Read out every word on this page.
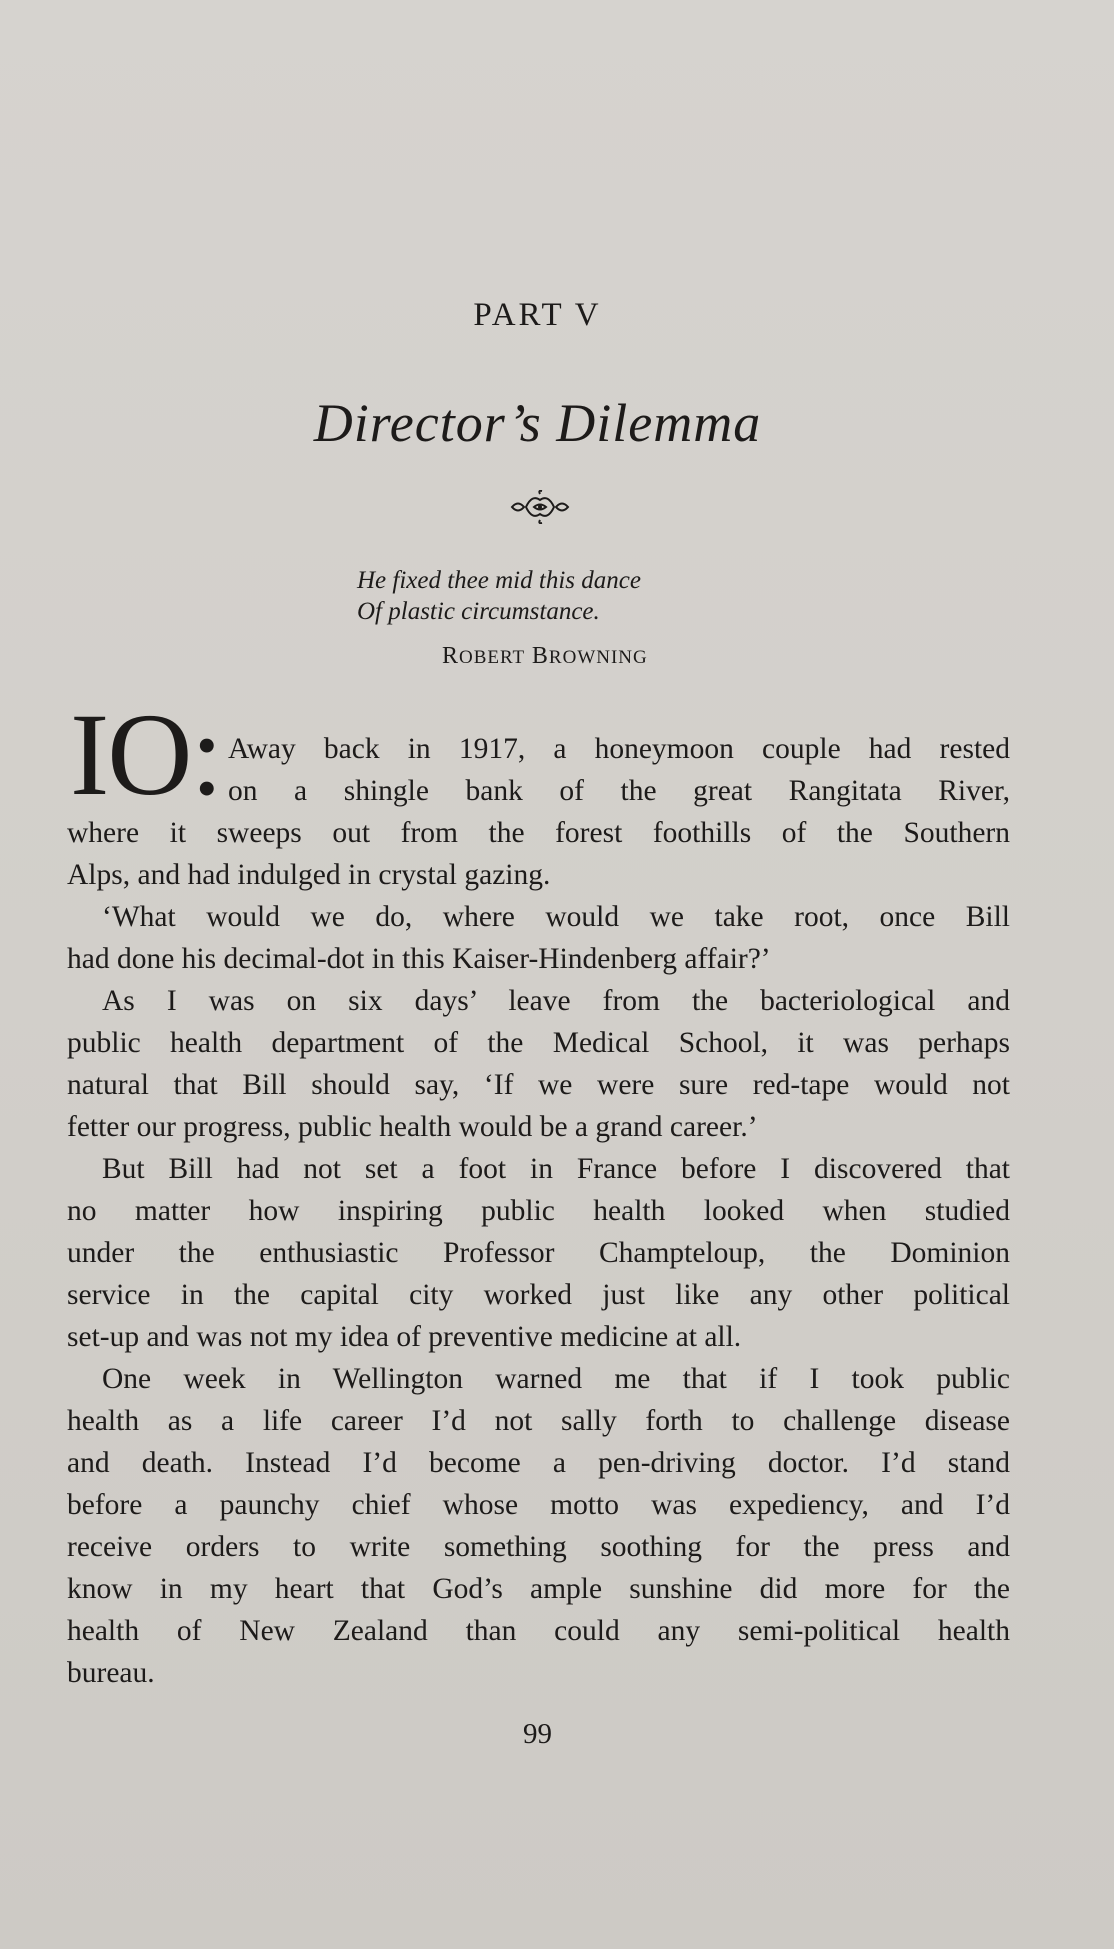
PART V
Director’s Dilemma
He fixed thee mid this dance
Of plastic circumstance.
ROBERT BROWNING
IO: Away back in 1917, a honeymoon couple had rested
on a shingle bank of the great Rangitata River,
where it sweeps out from the forest foothills of the Southern
Alps, and had indulged in crystal gazing.
‘What would we do, where would we take root, once Bill
had done his decimal-dot in this Kaiser-Hindenberg affair?’
As I was on six days’ leave from the bacteriological and
public health department of the Medical School, it was perhaps
natural that Bill should say, ‘If we were sure red-tape would not
fetter our progress, public health would be a grand career.’
But Bill had not set a foot in France before I discovered that
no matter how inspiring public health looked when studied
under the enthusiastic Professor Champteloup, the Dominion
service in the capital city worked just like any other political
set-up and was not my idea of preventive medicine at all.
One week in Wellington warned me that if I took public
health as a life career I’d not sally forth to challenge disease
and death. Instead I’d become a pen-driving doctor. I’d stand
before a paunchy chief whose motto was expediency, and I’d
receive orders to write something soothing for the press and
know in my heart that God’s ample sunshine did more for the
health of New Zealand than could any semi-political health
bureau.
99
